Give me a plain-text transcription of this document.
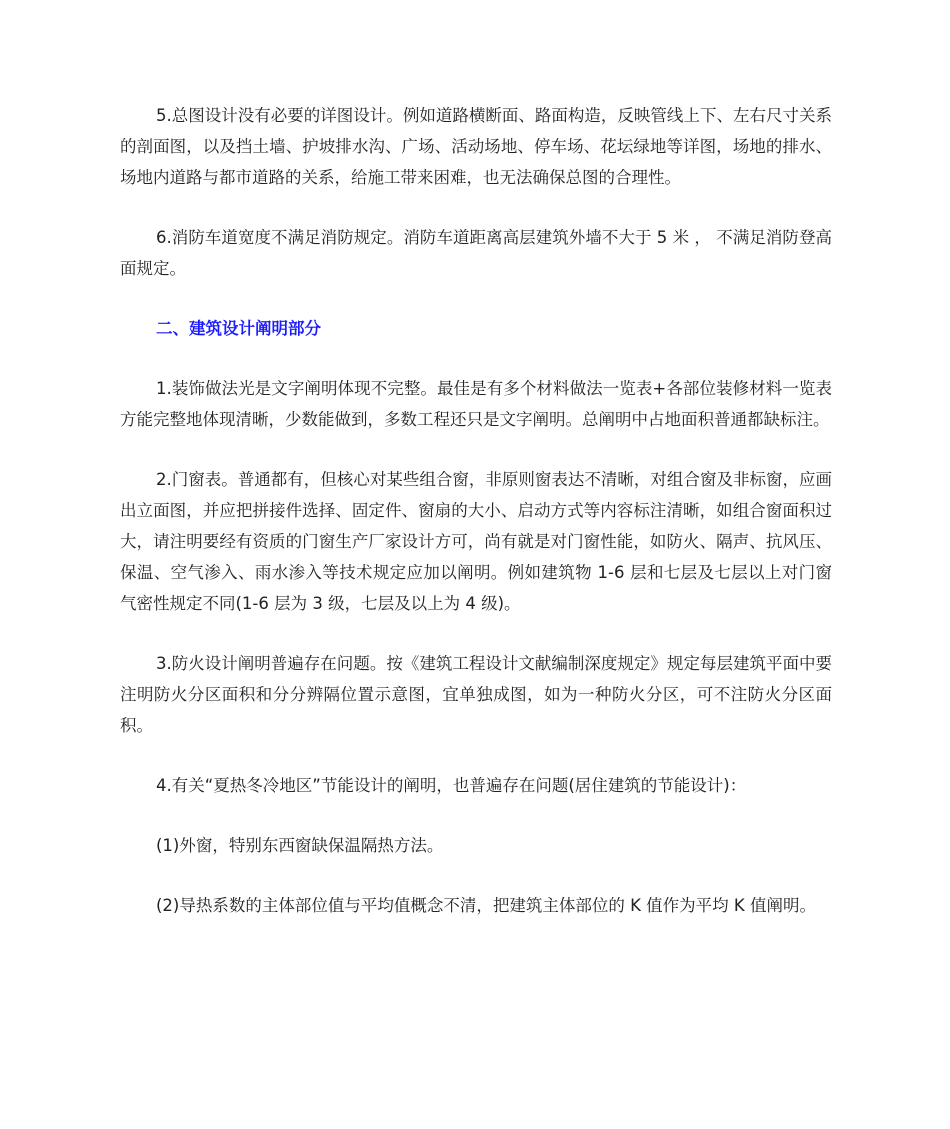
5.总图设计没有必要的详图设计。例如道路横断面、路面构造，反映管线上下、左右尺寸关系的剖面图，以及挡土墙、护坡排水沟、广场、活动场地、停车场、花坛绿地等详图，场地的排水、场地内道路与都市道路的关系，给施工带来困难，也无法确保总图的合理性。

6.消防车道宽度不满足消防规定。消防车道距离高层建筑外墙不大于 5 米 ， 不满足消防登高面规定。

二、建筑设计阐明部分

1.装饰做法光是文字阐明体现不完整。最佳是有多个材料做法一览表+各部位装修材料一览表方能完整地体现清晰，少数能做到，多数工程还只是文字阐明。总阐明中占地面积普通都缺标注。

2.门窗表。普通都有，但核心对某些组合窗，非原则窗表达不清晰，对组合窗及非标窗，应画出立面图，并应把拼接件选择、固定件、窗扇的大小、启动方式等内容标注清晰，如组合窗面积过大，请注明要经有资质的门窗生产厂家设计方可，尚有就是对门窗性能，如防火、隔声、抗风压、保温、空气渗入、雨水渗入等技术规定应加以阐明。例如建筑物 1-6 层和七层及七层以上对门窗气密性规定不同(1-6 层为 3 级，七层及以上为 4 级)。

3.防火设计阐明普遍存在问题。按《建筑工程设计文献编制深度规定》规定每层建筑平面中要注明防火分区面积和分分辨隔位置示意图，宜单独成图，如为一种防火分区，可不注防火分区面积。

4.有关“夏热冬冷地区”节能设计的阐明，也普遍存在问题(居住建筑的节能设计)：

(1)外窗，特别东西窗缺保温隔热方法。

(2)导热系数的主体部位值与平均值概念不清，把建筑主体部位的 K 值作为平均 K 值阐明。
